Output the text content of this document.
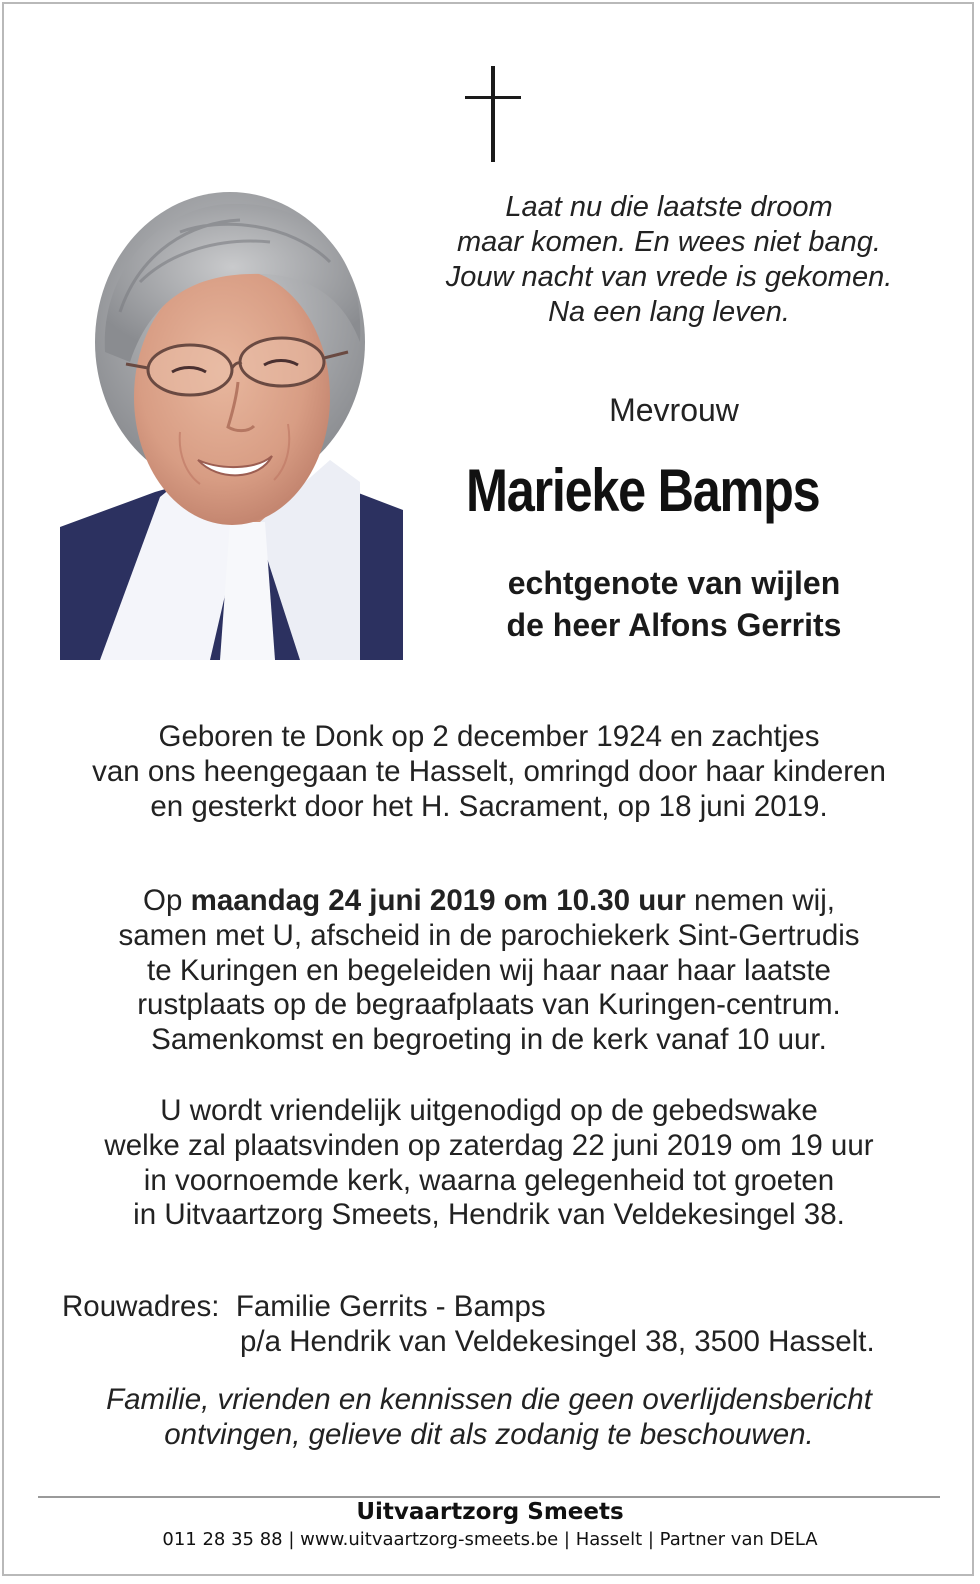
Laat nu die laatste droom
maar komen. En wees niet bang.
Jouw nacht van vrede is gekomen.
Na een lang leven.
Mevrouw
Marieke Bamps
echtgenote van wijlen
de heer Alfons Gerrits
Geboren te Donk op 2 december 1924 en zachtjes
van ons heengegaan te Hasselt, omringd door haar kinderen
en gesterkt door het H. Sacrament, op 18 juni 2019.
Op maandag 24 juni 2019 om 10.30 uur nemen wij,
samen met U, afscheid in de parochiekerk Sint-Gertrudis
te Kuringen en begeleiden wij haar naar haar laatste
rustplaats op de begraafplaats van Kuringen-centrum.
Samenkomst en begroeting in de kerk vanaf 10 uur.
U wordt vriendelijk uitgenodigd op de gebedswake
welke zal plaatsvinden op zaterdag 22 juni 2019 om 19 uur
in voornoemde kerk, waarna gelegenheid tot groeten
in Uitvaartzorg Smeets, Hendrik van Veldekesingel 38.
Rouwadres: Familie Gerrits - Bamps
p/a Hendrik van Veldekesingel 38, 3500 Hasselt.
Familie, vrienden en kennissen die geen overlijdensbericht
ontvingen, gelieve dit als zodanig te beschouwen.
Uitvaartzorg Smeets
011 28 35 88 | www.uitvaartzorg-smeets.be | Hasselt | Partner van DELA
